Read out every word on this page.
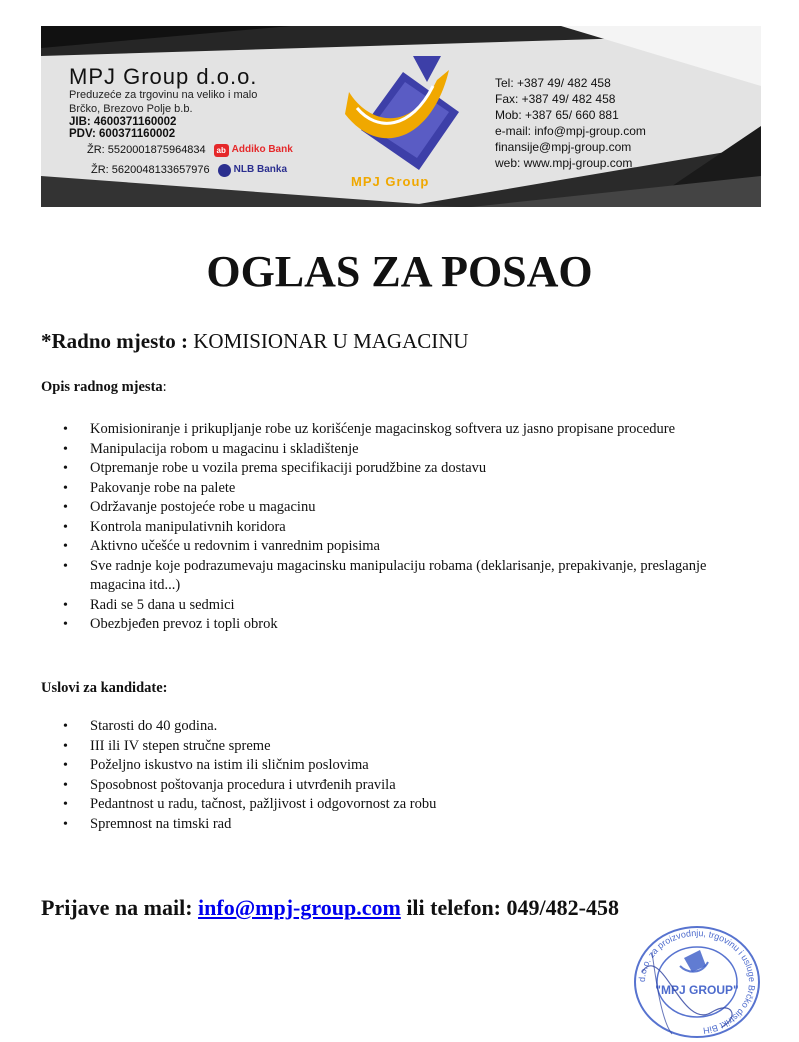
MPJ Group d.o.o.
Preduzeće za trgovinu na veliko i malo
Brčko, Brezovo Polje b.b.
JIB: 4600371160002
PDV: 600371160002
ŽR: 5520001875964834	ab Addiko Bank
ŽR: 5620048133657976 NLB Banka
MPJ Group
Tel: +387 49/ 482 458
Fax: +387 49/ 482 458
Mob: +387 65/ 660 881
e-mail: info@mpj-group.com
finansije@mpj-group.com
web: www.mpj-group.com
OGLAS ZA POSAO

*Radno mjesto : KOMISIONAR U MAGACINU

Opis radnog mjesta:

• Komisioniranje i prikupljanje robe uz korišćenje magacinskog softvera uz jasno propisane procedure
• Manipulacija robom u magacinu i skladištenje
• Otpremanje robe u vozila prema specifikaciji porudžbine za dostavu
• Pakovanje robe na palete
• Održavanje postojeće robe u magacinu
• Kontrola manipulativnih koridora
• Aktivno učešće u redovnim i vanrednim popisima
• Sve radnje koje podrazumevaju magacinsku manipulaciju robama (deklarisanje, prepakivanje, preslaganje magacina itd...)
• Radi se 5 dana u sedmici
• Obezbjeđen prevoz i topli obrok

Uslovi za kandidate:

• Starosti do 40 godina.
• III ili IV stepen stručne spreme
• Poželjno iskustvo na istim ili sličnim poslovima
• Sposobnost poštovanja procedura i utvrđenih pravila
• Pedantnost u radu, tačnost, pažljivost i odgovornost za robu
• Spremnost na timski rad

Prijave na mail: info@mpj-group.com ili telefon: 049/482-458

d.o.o. za proizvodnju, trgovinu i usluge Brčko distrikt BiH
"MPJ GROUP"
